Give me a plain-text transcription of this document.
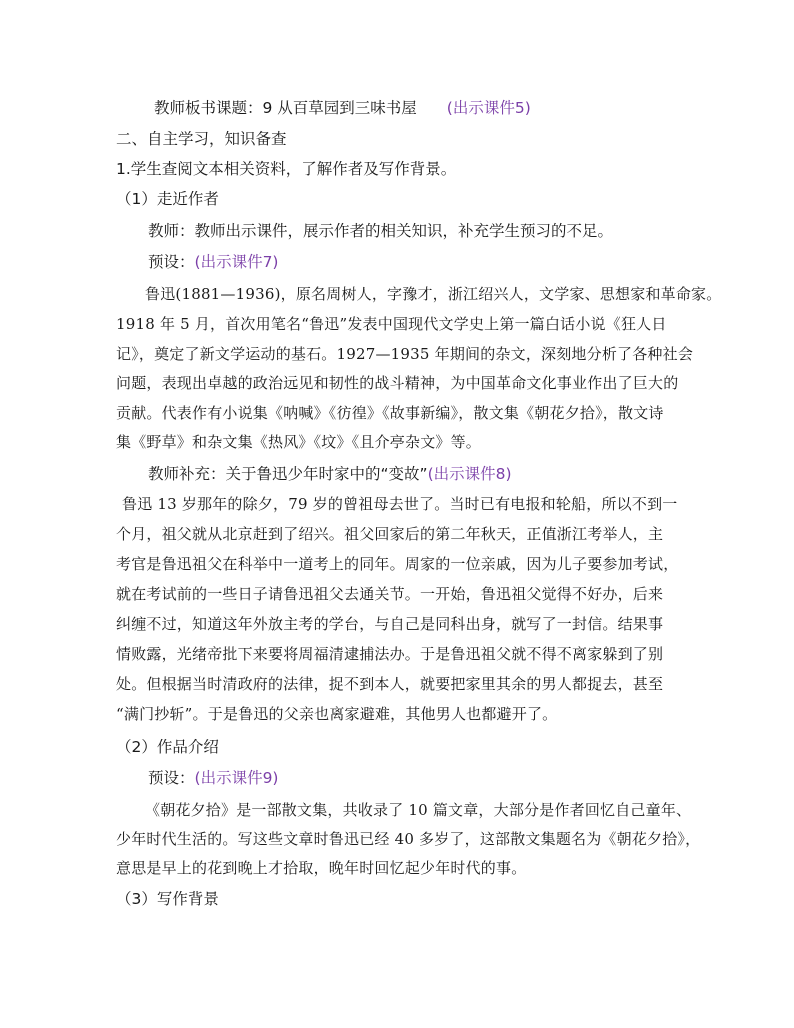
教师板书课题：9 从百草园到三味书屋 (出示课件5)
二、自主学习，知识备查
1.学生查阅文本相关资料，了解作者及写作背景。
（1）走近作者
教师：教师出示课件，展示作者的相关知识，补充学生预习的不足。
预设：(出示课件7)
鲁迅(1881—1936)，原名周树人，字豫才，浙江绍兴人，文学家、思想家和革命家。
1918 年 5 月，首次用笔名“鲁迅”发表中国现代文学史上第一篇白话小说《狂人日
记》，奠定了新文学运动的基石。1927—1935 年期间的杂文，深刻地分析了各种社会
问题，表现出卓越的政治远见和韧性的战斗精神，为中国革命文化事业作出了巨大的
贡献。代表作有小说集《呐喊》《彷徨》《故事新编》，散文集《朝花夕拾》，散文诗
集《野草》和杂文集《热风》《坟》《且介亭杂文》等。
教师补充：关于鲁迅少年时家中的“变故”(出示课件8)
鲁迅 13 岁那年的除夕，79 岁的曾祖母去世了。当时已有电报和轮船，所以不到一
个月，祖父就从北京赶到了绍兴。祖父回家后的第二年秋天，正值浙江考举人，主
考官是鲁迅祖父在科举中一道考上的同年。周家的一位亲戚，因为儿子要参加考试，
就在考试前的一些日子请鲁迅祖父去通关节。一开始，鲁迅祖父觉得不好办，后来
纠缠不过，知道这年外放主考的学台，与自己是同科出身，就写了一封信。结果事
情败露，光绪帝批下来要将周福清逮捕法办。于是鲁迅祖父就不得不离家躲到了别
处。但根据当时清政府的法律，捉不到本人，就要把家里其余的男人都捉去，甚至
“满门抄斩”。于是鲁迅的父亲也离家避难，其他男人也都避开了。
（2）作品介绍
预设：(出示课件9)
《朝花夕拾》是一部散文集，共收录了 10 篇文章，大部分是作者回忆自己童年、
少年时代生活的。写这些文章时鲁迅已经 40 多岁了，这部散文集题名为《朝花夕拾》，
意思是早上的花到晚上才拾取，晚年时回忆起少年时代的事。
（3）写作背景
